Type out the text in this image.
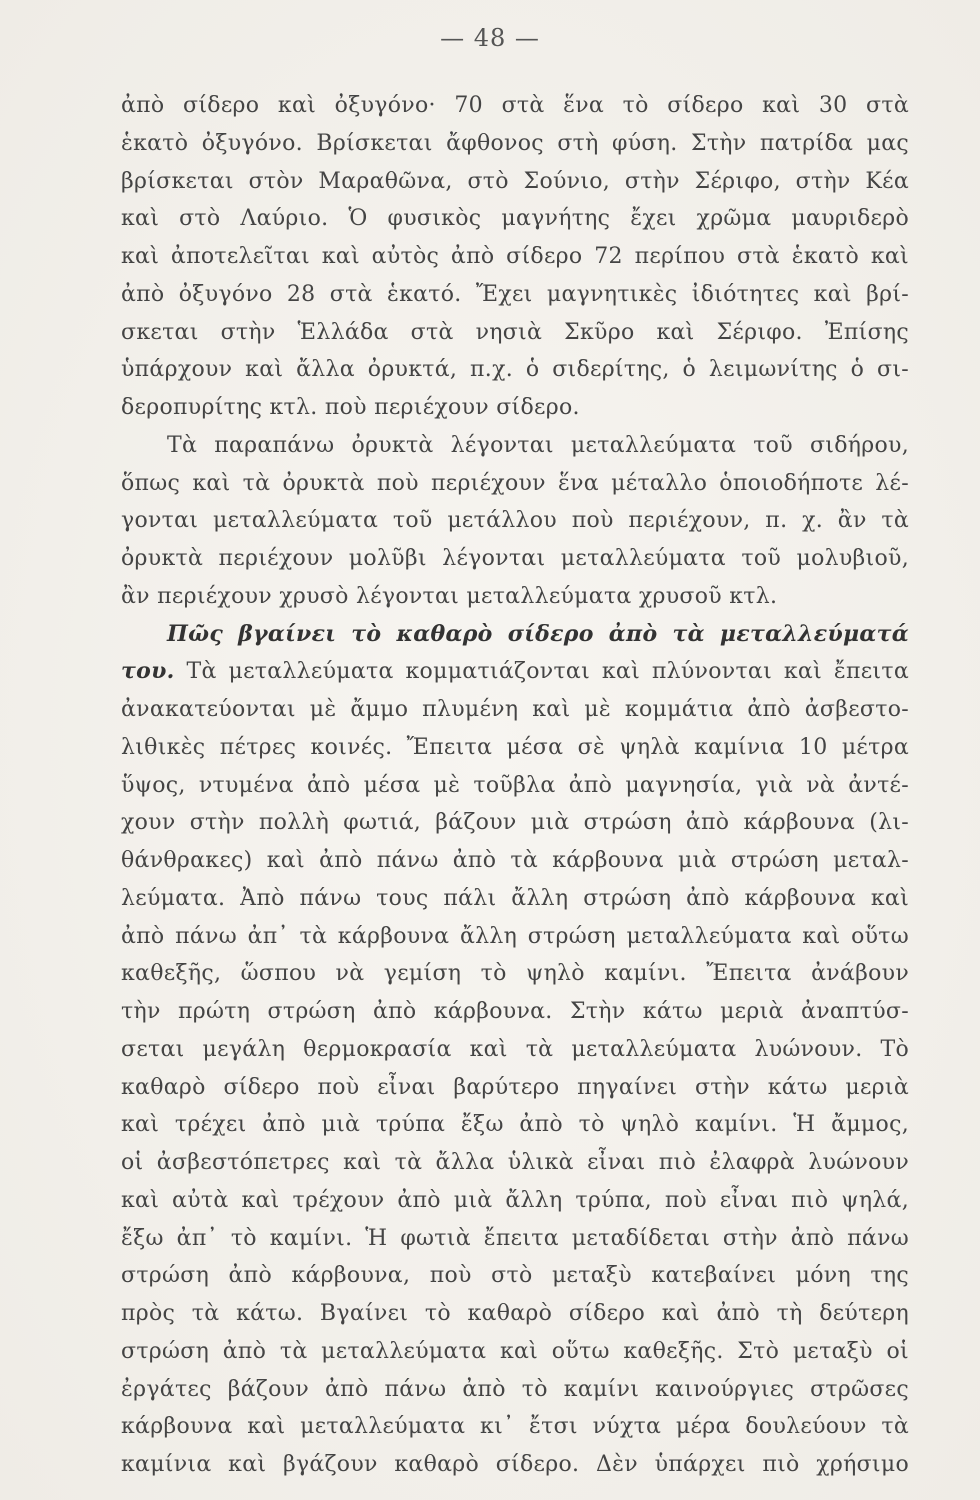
— 48 —
ἀπὸ σίδερο καὶ ὀξυγόνο· 70 στὰ ἕνα τὸ σίδερο καὶ 30 στὰ
ἑκατὸ ὀξυγόνο. Βρίσκεται ἄφθονος στὴ φύση. Στὴν πατρίδα μας
βρίσκεται στὸν Μαραθῶνα, στὸ Σούνιο, στὴν Σέριφο, στὴν Κέα
καὶ στὸ Λαύριο. Ὁ φυσικὸς μαγνήτης ἔχει χρῶμα μαυριδερὸ
καὶ ἀποτελεῖται καὶ αὐτὸς ἀπὸ σίδερο 72 περίπου στὰ ἑκατὸ καὶ
ἀπὸ ὀξυγόνο 28 στὰ ἑκατό. Ἔχει μαγνητικὲς ἰδιότητες καὶ βρί-
σκεται στὴν Ἑλλάδα στὰ νησιὰ Σκῦρο καὶ Σέριφο. Ἐπίσης
ὑπάρχουν καὶ ἄλλα ὀρυκτά, π.χ. ὁ σιδερίτης, ὁ λειμωνίτης ὁ σι-
δεροπυρίτης κτλ. ποὺ περιέχουν σίδερο.
Τὰ παραπάνω ὀρυκτὰ λέγονται μεταλλεύματα τοῦ σιδήρου,
ὅπως καὶ τὰ ὀρυκτὰ ποὺ περιέχουν ἕνα μέταλλο ὁποιοδήποτε λέ-
γονται μεταλλεύματα τοῦ μετάλλου ποὺ περιέχουν, π. χ. ἂν τὰ
ὀρυκτὰ περιέχουν μολῦβι λέγονται μεταλλεύματα τοῦ μολυβιοῦ,
ἂν περιέχουν χρυσὸ λέγονται μεταλλεύματα χρυσοῦ κτλ.
Πῶς βγαίνει τὸ καθαρὸ σίδερο ἀπὸ τὰ μεταλλεύματά
του. Τὰ μεταλλεύματα κομματιάζονται καὶ πλύνονται καὶ ἔπειτα
ἀνακατεύονται μὲ ἄμμο πλυμένη καὶ μὲ κομμάτια ἀπὸ ἀσβεστο-
λιθικὲς πέτρες κοινές. Ἔπειτα μέσα σὲ ψηλὰ καμίνια 10 μέτρα
ὕψος, ντυμένα ἀπὸ μέσα μὲ τοῦβλα ἀπὸ μαγνησία, γιὰ νὰ ἀντέ-
χουν στὴν πολλὴ φωτιά, βάζουν μιὰ στρώση ἀπὸ κάρβουνα (λι-
θάνθρακες) καὶ ἀπὸ πάνω ἀπὸ τὰ κάρβουνα μιὰ στρώση μεταλ-
λεύματα. Ἀπὸ πάνω τους πάλι ἄλλη στρώση ἀπὸ κάρβουνα καὶ
ἀπὸ πάνω ἀπ᾿ τὰ κάρβουνα ἄλλη στρώση μεταλλεύματα καὶ οὕτω
καθεξῆς, ὥσπου νὰ γεμίση τὸ ψηλὸ καμίνι. Ἔπειτα ἀνάβουν
τὴν πρώτη στρώση ἀπὸ κάρβουνα. Στὴν κάτω μεριὰ ἀναπτύσ-
σεται μεγάλη θερμοκρασία καὶ τὰ μεταλλεύματα λυώνουν. Τὸ
καθαρὸ σίδερο ποὺ εἶναι βαρύτερο πηγαίνει στὴν κάτω μεριὰ
καὶ τρέχει ἀπὸ μιὰ τρύπα ἔξω ἀπὸ τὸ ψηλὸ καμίνι. Ἡ ἄμμος,
οἱ ἀσβεστόπετρες καὶ τὰ ἄλλα ὑλικὰ εἶναι πιὸ ἐλαφρὰ λυώνουν
καὶ αὐτὰ καὶ τρέχουν ἀπὸ μιὰ ἄλλη τρύπα, ποὺ εἶναι πιὸ ψηλά,
ἔξω ἀπ᾿ τὸ καμίνι. Ἡ φωτιὰ ἔπειτα μεταδίδεται στὴν ἀπὸ πάνω
στρώση ἀπὸ κάρβουνα, ποὺ στὸ μεταξὺ κατεβαίνει μόνη της
πρὸς τὰ κάτω. Βγαίνει τὸ καθαρὸ σίδερο καὶ ἀπὸ τὴ δεύτερη
στρώση ἀπὸ τὰ μεταλλεύματα καὶ οὕτω καθεξῆς. Στὸ μεταξὺ οἱ
ἐργάτες βάζουν ἀπὸ πάνω ἀπὸ τὸ καμίνι καινούργιες στρῶσες
κάρβουνα καὶ μεταλλεύματα κι᾿ ἔτσι νύχτα μέρα δουλεύουν τὰ
καμίνια καὶ βγάζουν καθαρὸ σίδερο. Δὲν ὑπάρχει πιὸ χρήσιμο
